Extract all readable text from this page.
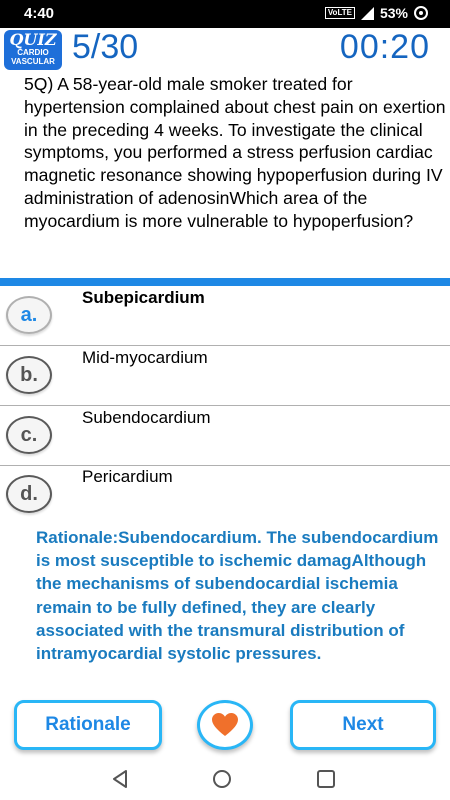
4:40	VoLTE 53%
QUIZ
CARDIO
VASCULAR 5/30	00:20
5Q) A 58-year-old male smoker treated for hypertension complained about chest pain on exertion in the preceding 4 weeks. To investigate the clinical symptoms, you performed a stress perfusion cardiac magnetic resonance showing hypoperfusion during IV administration of adenosinWhich area of the myocardium is more vulnerable to hypoperfusion?
a.
Subepicardium
b.
Mid-myocardium
c.
Subendocardium
d.
Pericardium
Rationale:Subendocardium. The subendocardium is most susceptible to ischemic damagAlthough the mechanisms of subendocardial ischemia remain to be fully defined, they are clearly associated with the transmural distribution of intramyocardial systolic pressures.
Rationale	Next
